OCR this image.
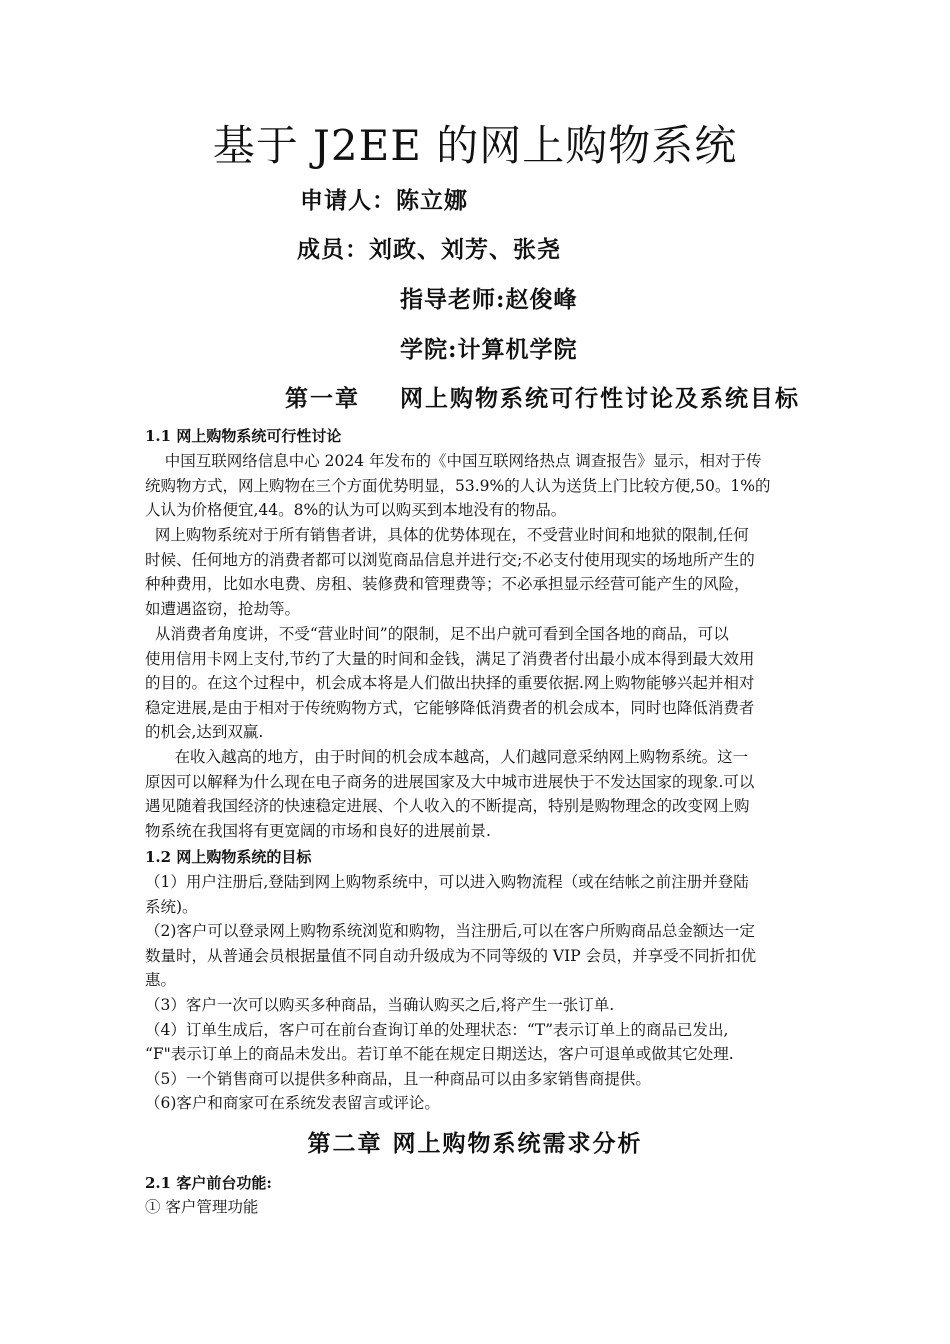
基于 J2EE 的网上购物系统
申请人：陈立娜
成员：刘政、刘芳、张尧
指导老师:赵俊峰
学院:计算机学院
第一章    网上购物系统可行性讨论及系统目标
1.1 网上购物系统可行性讨论
中国互联网络信息中心 2024 年发布的《中国互联网络热点 调查报告》显示，相对于传
统购物方式，网上购物在三个方面优势明显，53.9%的人认为送货上门比较方便,50。1%的
人认为价格便宜,44。8%的认为可以购买到本地没有的物品。
网上购物系统对于所有销售者讲，具体的优势体现在，不受营业时间和地狱的限制,任何
时候、任何地方的消费者都可以浏览商品信息并进行交;不必支付使用现实的场地所产生的
种种费用，比如水电费、房租、装修费和管理费等；不必承担显示经营可能产生的风险，
如遭遇盗窃，抢劫等。
从消费者角度讲，不受“营业时间”的限制，足不出户就可看到全国各地的商品，可以
使用信用卡网上支付,节约了大量的时间和金钱，满足了消费者付出最小成本得到最大效用
的目的。在这个过程中，机会成本将是人们做出抉择的重要依据.网上购物能够兴起并相对
稳定进展,是由于相对于传统购物方式，它能够降低消费者的机会成本，同时也降低消费者
的机会,达到双赢.
在收入越高的地方，由于时间的机会成本越高，人们越同意采纳网上购物系统。这一
原因可以解释为什么现在电子商务的进展国家及大中城市进展快于不发达国家的现象.可以
遇见随着我国经济的快速稳定进展、个人收入的不断提高，特别是购物理念的改变网上购
物系统在我国将有更宽阔的市场和良好的进展前景.
1.2 网上购物系统的目标
（1）用户注册后,登陆到网上购物系统中，可以进入购物流程（或在结帐之前注册并登陆
系统)。
（2)客户可以登录网上购物系统浏览和购物，当注册后,可以在客户所购商品总金额达一定
数量时，从普通会员根据量值不同自动升级成为不同等级的 VIP 会员，并享受不同折扣优
惠。
（3）客户一次可以购买多种商品，当确认购买之后,将产生一张订单.
（4）订单生成后，客户可在前台查询订单的处理状态：“T”表示订单上的商品已发出,
“F"表示订单上的商品未发出。若订单不能在规定日期送达，客户可退单或做其它处理.
（5）一个销售商可以提供多种商品，且一种商品可以由多家销售商提供。
（6)客户和商家可在系统发表留言或评论。
第二章 网上购物系统需求分析
2.1 客户前台功能:
① 客户管理功能
